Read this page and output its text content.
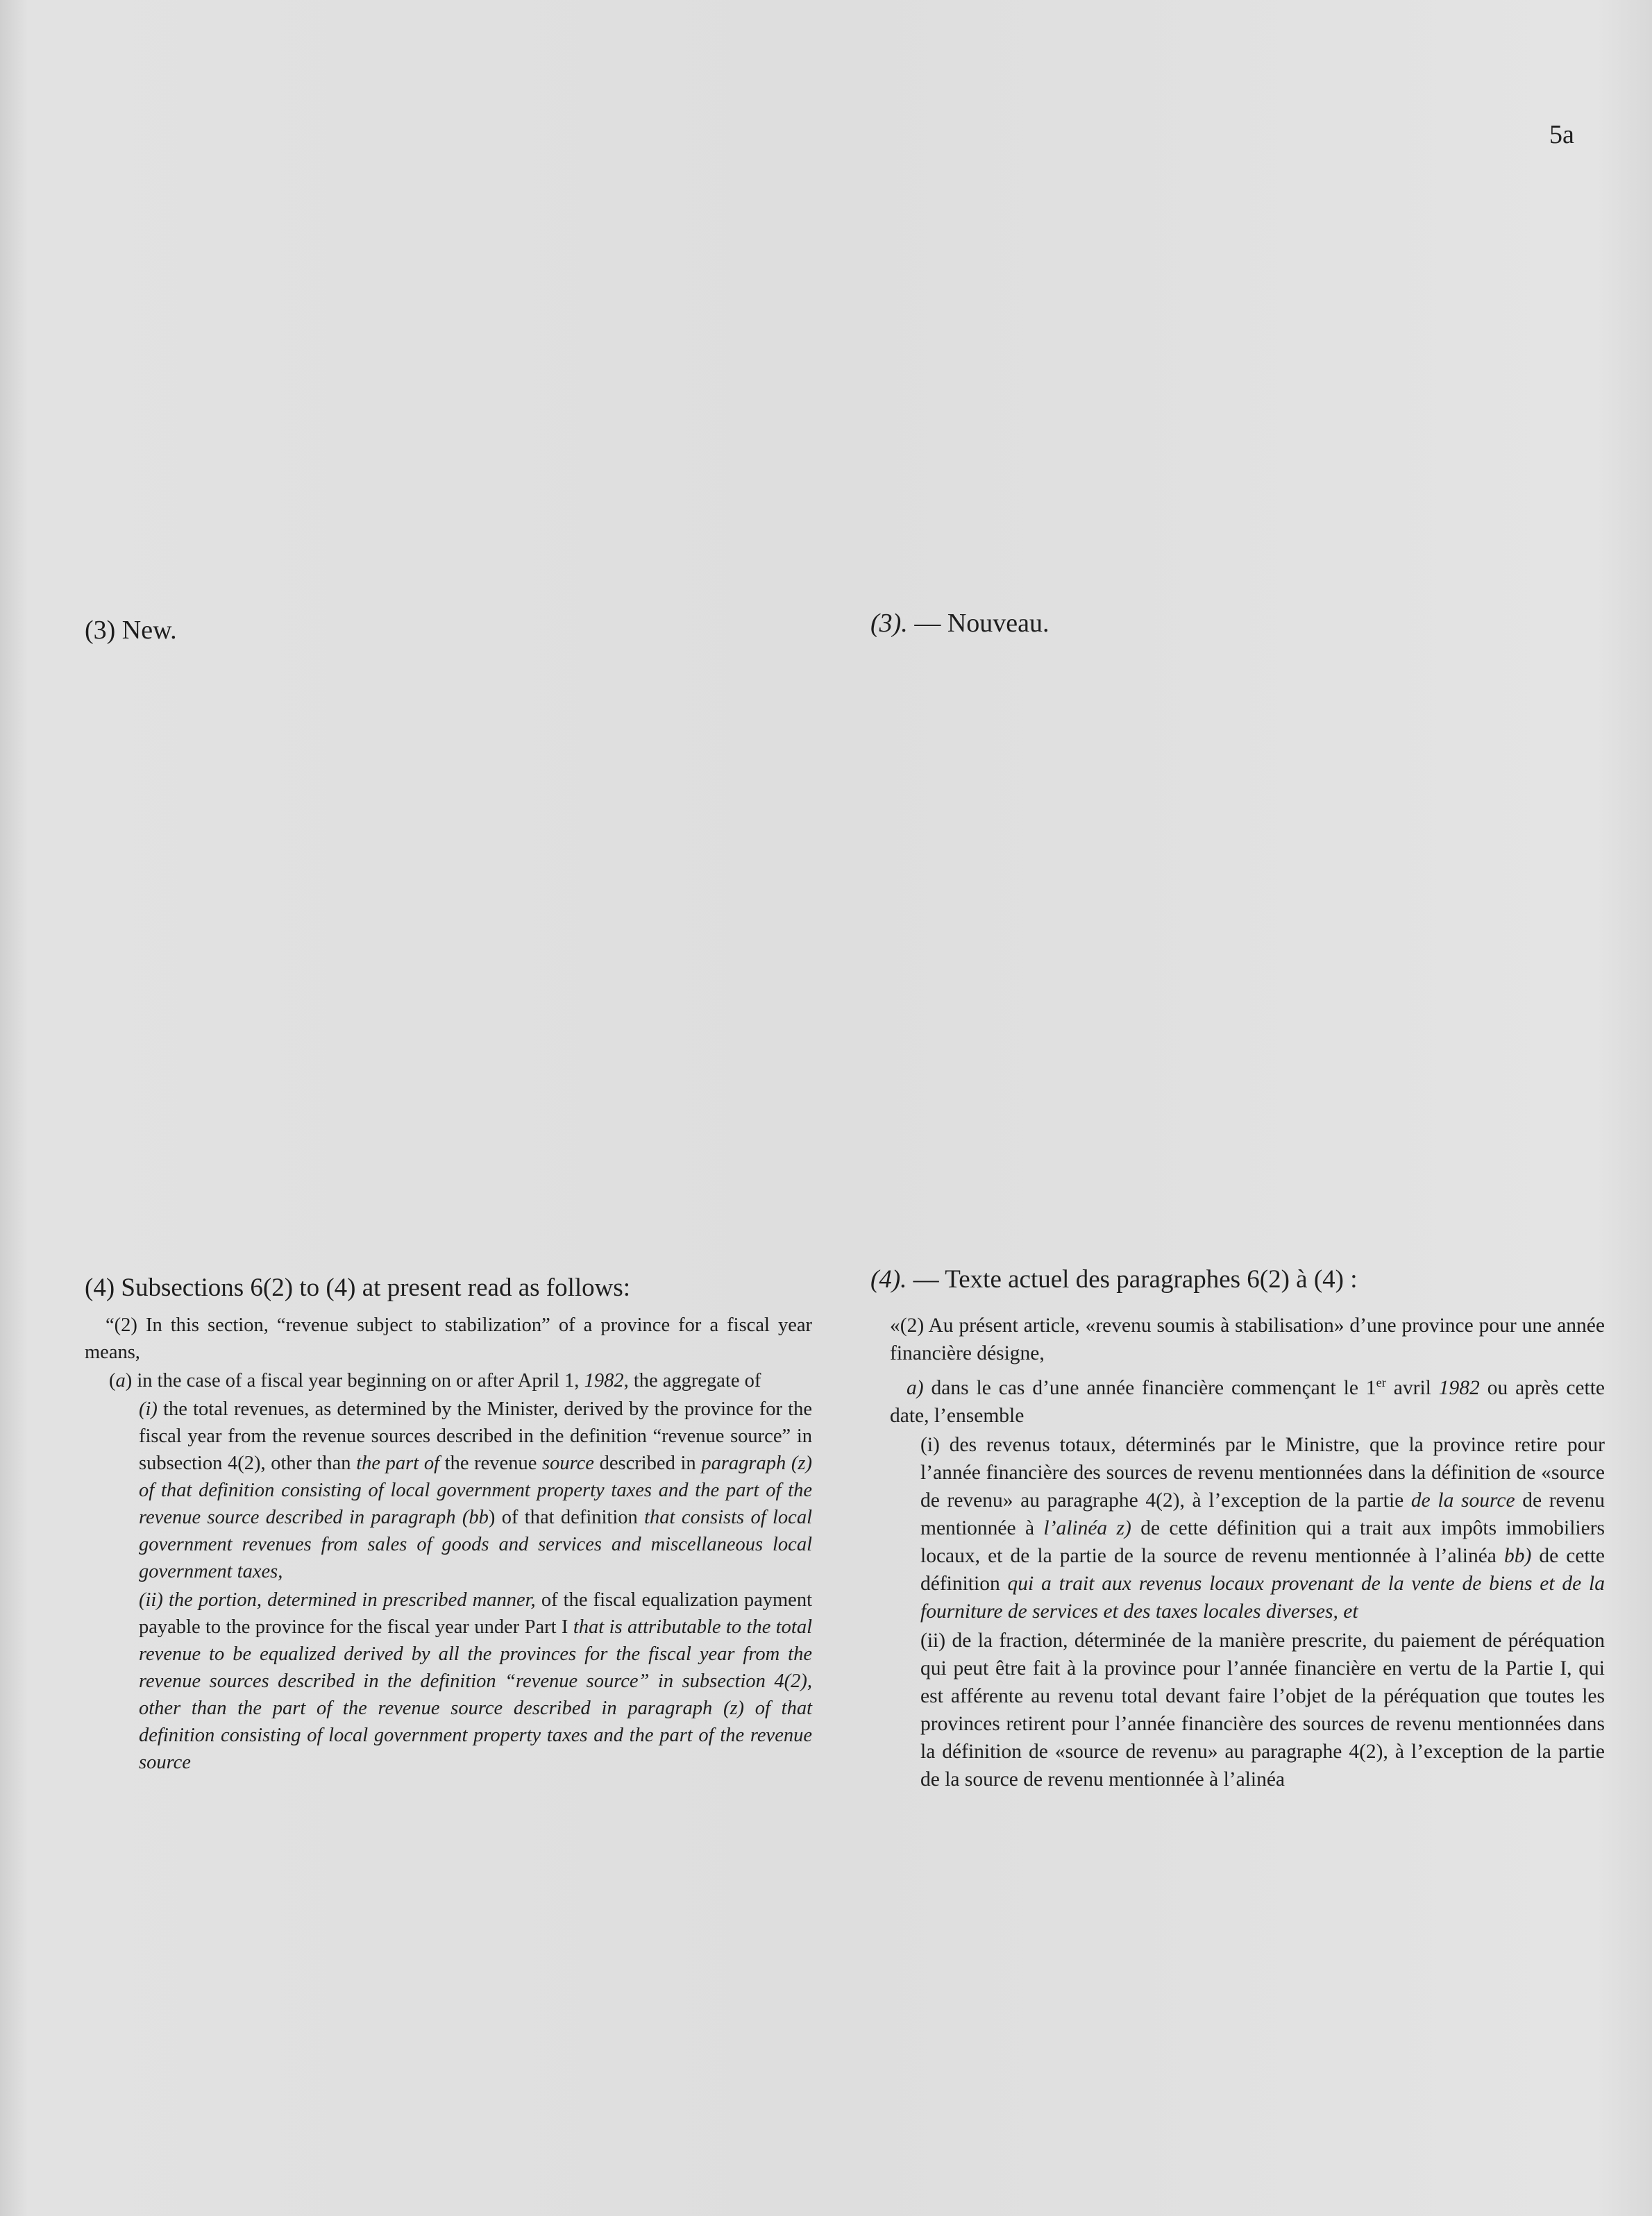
5a
(3) New.	(3). — Nouveau.
(4) Subsections 6(2) to (4) at present read as follows:	(4). — Texte actuel des paragraphes 6(2) à (4) :

“(2) In this section, “revenue subject to stabilization” of a province for a fiscal year means,

(a) in the case of a fiscal year beginning on or after April 1, 1982, the aggregate of

(i) the total revenues, as determined by the Minister, derived by the province for the fiscal year from the revenue sources described in the definition “revenue source” in subsection 4(2), other than the part of the revenue source described in paragraph (z) of that definition consisting of local government property taxes and the part of the revenue source described in paragraph (bb) of that definition that consists of local government revenues from sales of goods and services and miscellaneous local government taxes,

(ii) the portion, determined in prescribed manner, of the fiscal equalization payment payable to the province for the fiscal year under Part I that is attributable to the total revenue to be equalized derived by all the provinces for the fiscal year from the revenue sources described in the definition “revenue source” in subsection 4(2), other than the part of the revenue source described in paragraph (z) of that definition consisting of local government property taxes and the part of the revenue source

«(2) Au présent article, «revenu soumis à stabilisation» d’une province pour une année financière désigne,

a) dans le cas d’une année financière commençant le 1er avril 1982 ou après cette date, l’ensemble

(i) des revenus totaux, déterminés par le Ministre, que la province retire pour l’année financière des sources de revenu mentionnées dans la définition de «source de revenu» au paragraphe 4(2), à l’exception de la partie de la source de revenu mentionnée à l’alinéa z) de cette définition qui a trait aux impôts immobiliers locaux, et de la partie de la source de revenu mentionnée à l’alinéa bb) de cette définition qui a trait aux revenus locaux provenant de la vente de biens et de la fourniture de services et des taxes locales diverses, et

(ii) de la fraction, déterminée de la manière prescrite, du paiement de péréquation qui peut être fait à la province pour l’année financière en vertu de la Partie I, qui est afférente au revenu total devant faire l’objet de la péréquation que toutes les provinces retirent pour l’année financière des sources de revenu mentionnées dans la définition de «source de revenu» au paragraphe 4(2), à l’exception de la partie de la source de revenu mentionnée à l’alinéa
